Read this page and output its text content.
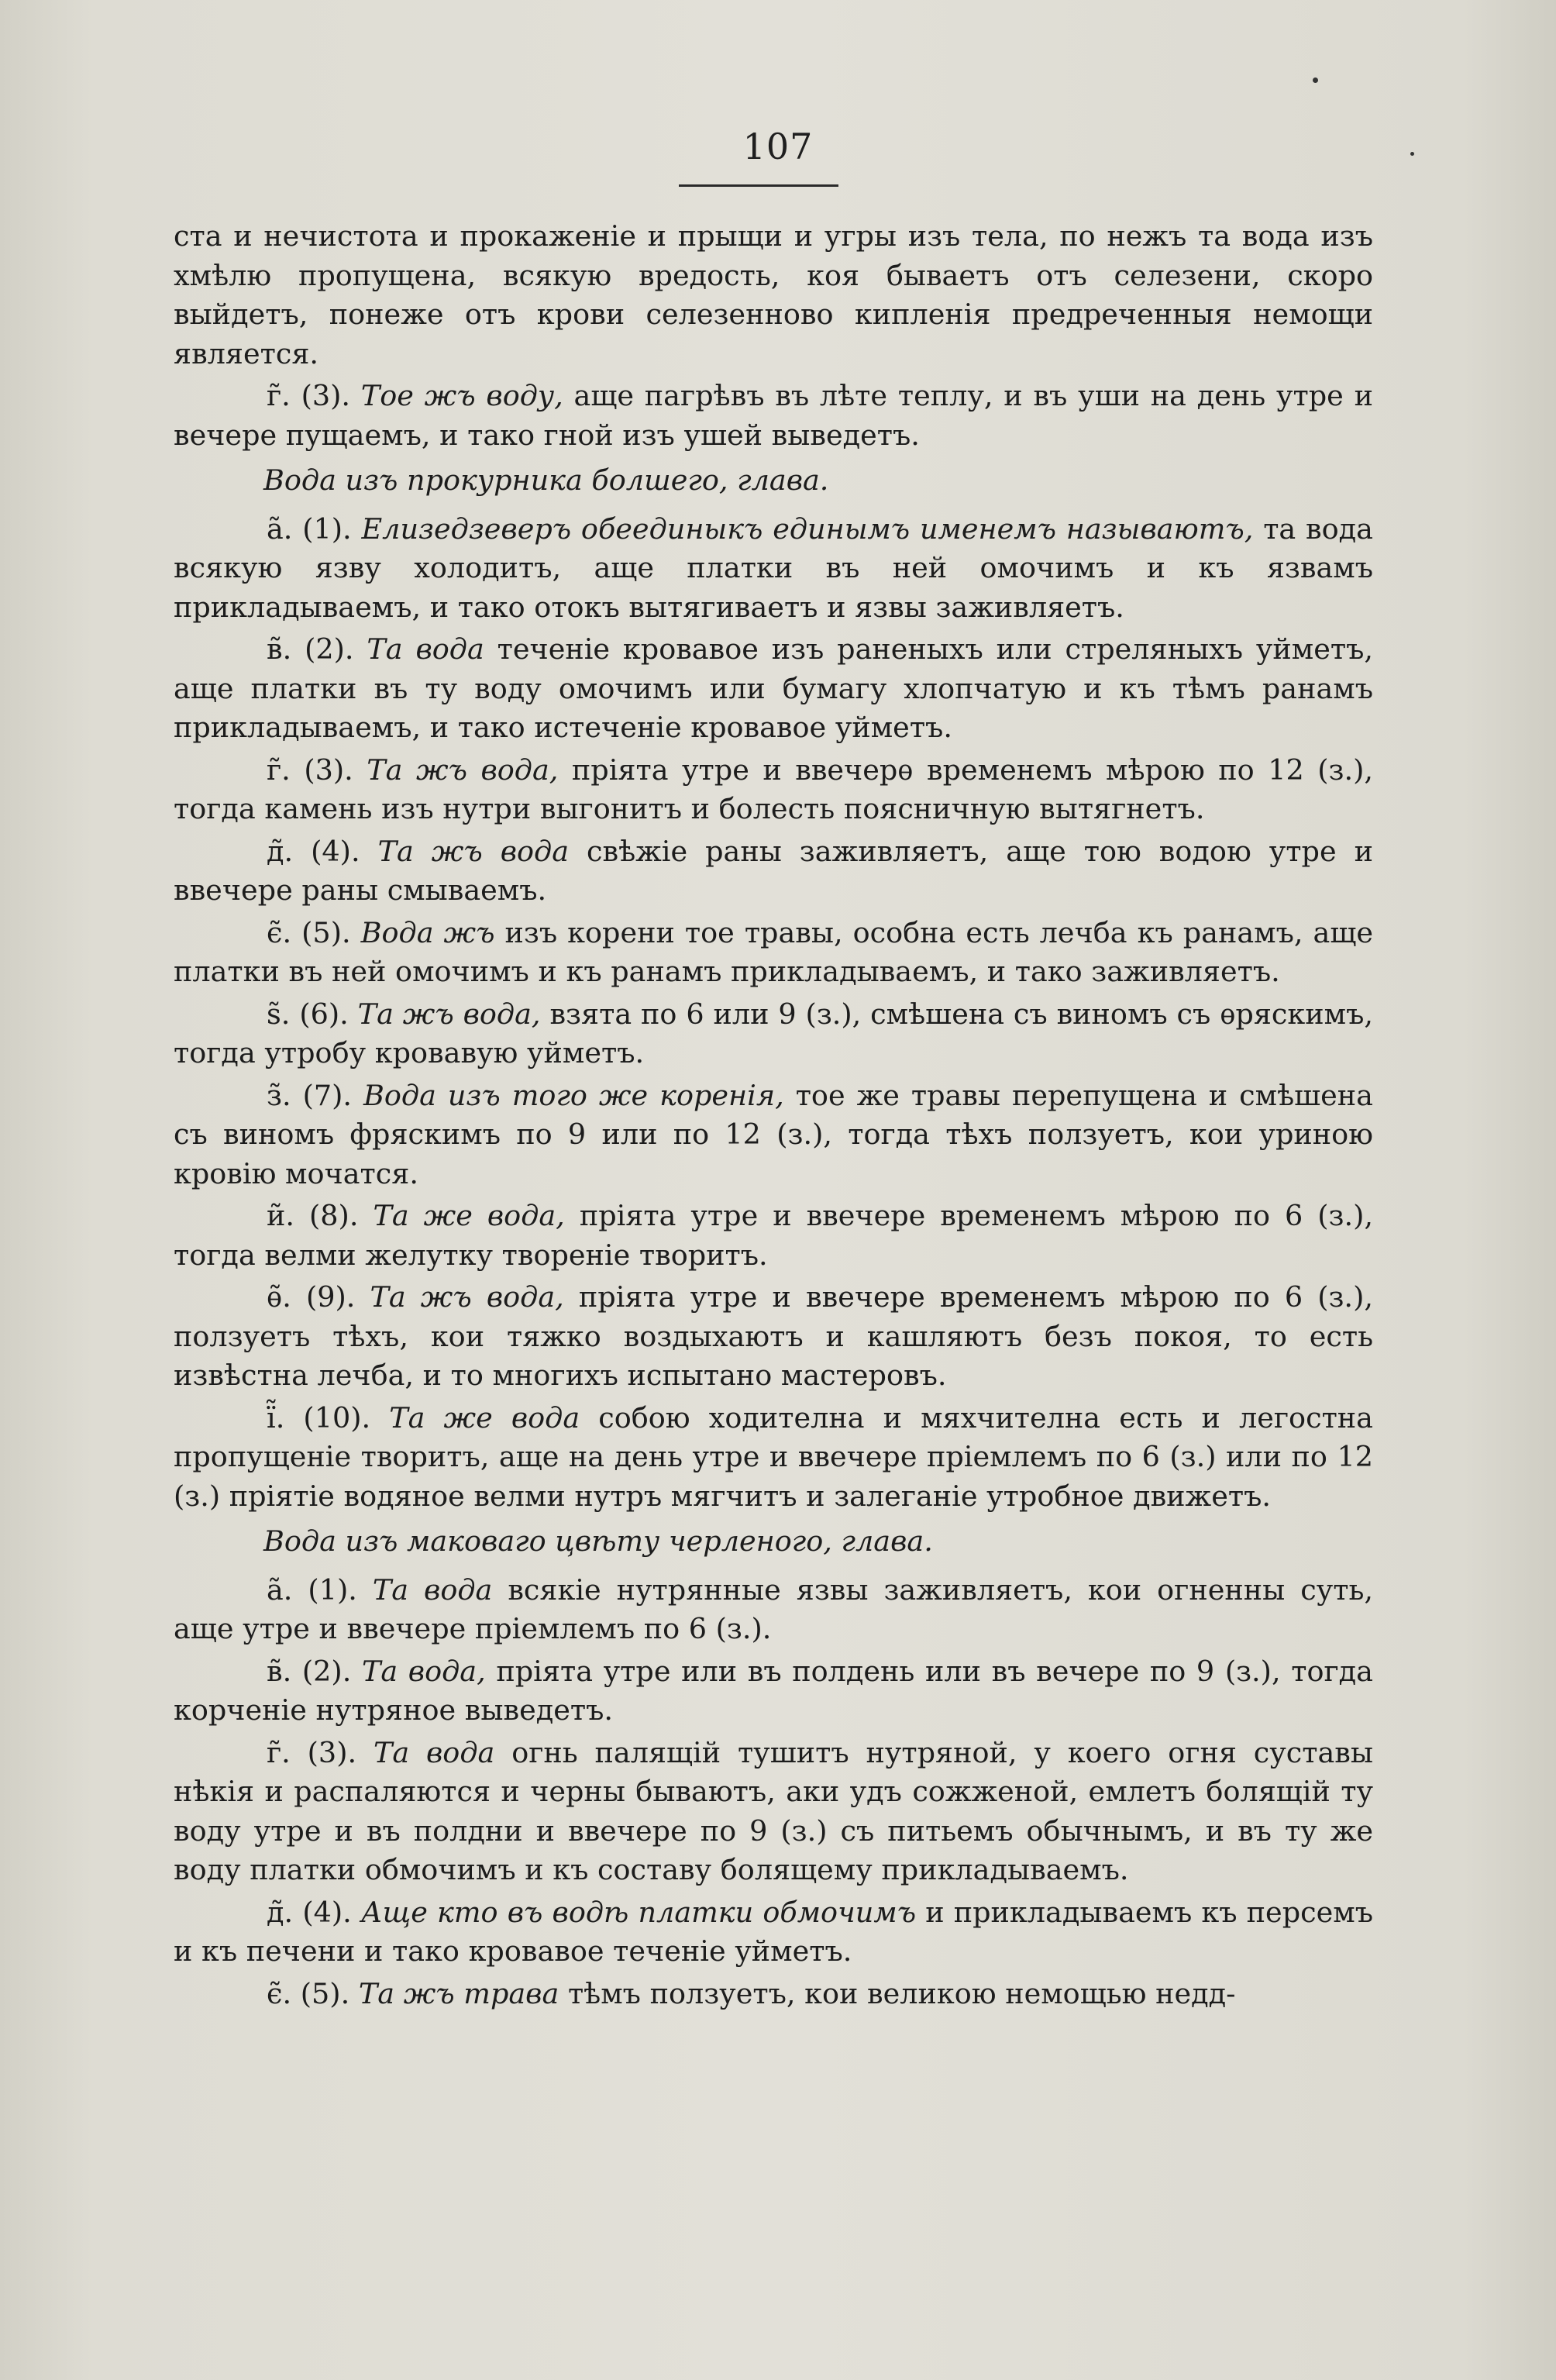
107

ста и нечистота и прокаженіе и прыщи и угры изъ тела, по нежъ та вода изъ хмѣлю пропущена, всякую вредость, коя бываетъ отъ селезени, скоро выйдетъ, понеже отъ крови селезенново кипленія предреченныя немощи является.

г̃. (3). Тое жъ воду, аще пагрѣвъ въ лѣте теплу, и въ уши на день утре и вечере пущаемъ, и тако гной изъ ушей выведетъ.

Вода изъ прокурника болшего, глава.

а̃. (1). Елизедзеверъ обеединыкъ единымъ именемъ называютъ, та вода всякую язву холодитъ, аще платки въ ней омочимъ и къ язвамъ прикладываемъ, и тако отокъ вытягиваетъ и язвы заживляетъ.

в̃. (2). Та вода теченіе кровавое изъ раненыхъ или стреляныхъ уйметъ, аще платки въ ту воду омочимъ или бумагу хлопчатую и къ тѣмъ ранамъ прикладываемъ, и тако истеченіе кровавое уйметъ.

г̃. (3). Та жъ вода, пріята утре и ввечерѳ временемъ мѣрою по 12 (з.), тогда камень изъ нутри выгонитъ и болесть поясничную вытягнетъ.

д̃. (4). Та жъ вода свѣжіе раны заживляетъ, аще тою водою утре и ввечере раны смываемъ.

є̃. (5). Вода жъ изъ корени тое травы, особна есть лечба къ ранамъ, аще платки въ ней омочимъ и къ ранамъ прикладываемъ, и тако заживляетъ.

ѕ̃. (6). Та жъ вода, взята по 6 или 9 (з.), смѣшена съ виномъ съ ѳряскимъ, тогда утробу кровавую уйметъ.

з̃. (7). Вода изъ того же коренія, тое же травы перепущена и смѣшена съ виномъ фряскимъ по 9 или по 12 (з.), тогда тѣхъ ползуетъ, кои уриною кровію мочатся.

и̃. (8). Та же вода, пріята утре и ввечере временемъ мѣрою по 6 (з.), тогда велми желутку твореніе творитъ.

ѳ̃. (9). Та жъ вода, пріята утре и ввечере временемъ мѣрою по 6 (з.), ползуетъ тѣхъ, кои тяжко воздыхаютъ и кашляютъ безъ покоя, то есть извѣстна лечба, и то многихъ испытано мастеровъ.

ї̃. (10). Та же вода собою ходителна и мяхчителна есть и легостна пропущеніе творитъ, аще на день утре и ввечере пріемлемъ по 6 (з.) или по 12 (з.) пріятіе водяное велми нутръ мягчитъ и залеганіе утробное движетъ.

Вода изъ маковаго цвѣту черленого, глава.

а̃. (1). Та вода всякіе нутрянные язвы заживляетъ, кои огненны суть, аще утре и ввечере пріемлемъ по 6 (з.).

в̃. (2). Та вода, пріята утре или въ полдень или въ вечере по 9 (з.), тогда корченіе нутряное выведетъ.

г̃. (3). Та вода огнь палящій тушитъ нутряной, у коего огня суставы нѣкія и распаляются и черны бываютъ, аки удъ сожженой, емлетъ болящій ту воду утре и въ полдни и ввечере по 9 (з.) съ питьемъ обычнымъ, и въ ту же воду платки обмочимъ и къ составу болящему прикладываемъ.

д̃. (4). Аще кто въ водѣ платки обмочимъ и прикладываемъ къ персемъ и къ печени и тако кровавое теченіе уйметъ.

є̃. (5). Та жъ трава тѣмъ ползуетъ, кои великою немощью недд-
